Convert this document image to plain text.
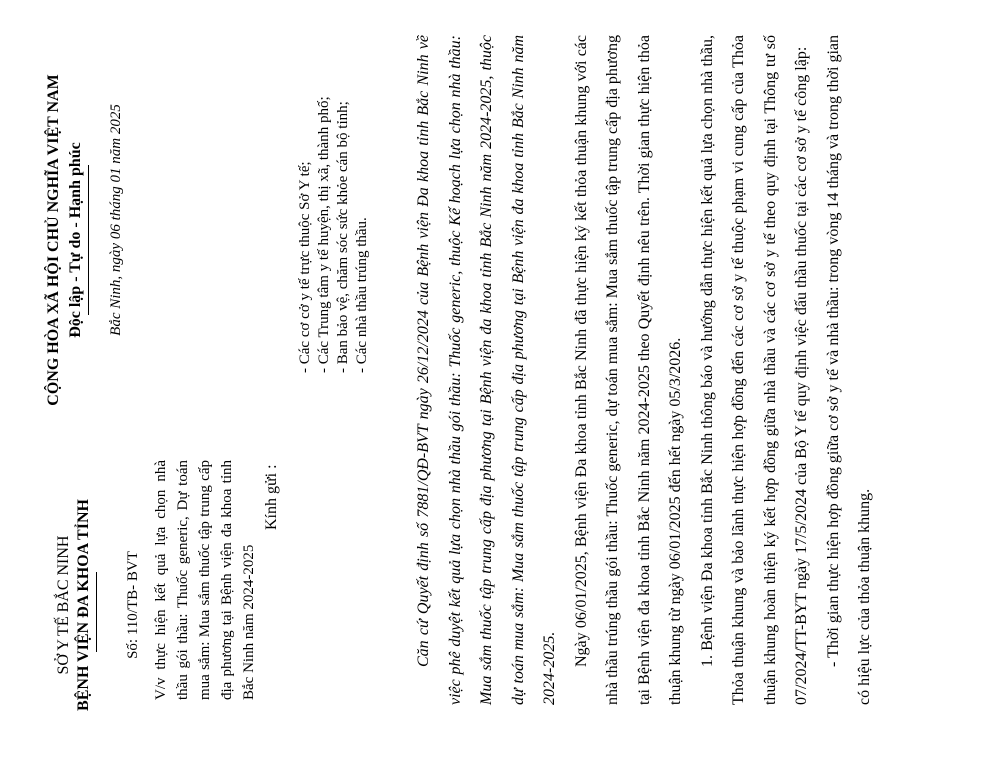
SỞ Y TẾ BẮC NINH BỆNH VIỆN ĐA KHOA TỈNH Số: 110/TB- BVT V/v thực hiện kết quả lựa chọn nhà thầu gói thầu: Thuốc generic, Dự toán mua sắm: Mua sắm thuốc tập trung cấp địa phương tại Bệnh viện đa khoa tỉnh Bắc Ninh năm 2024-2025
CỘNG HÒA XÃ HỘI CHỦ NGHĨA VIỆT NAM Độc lập - Tự do - Hạnh phúc Bắc Ninh, ngày 06 tháng 01 năm 2025
Kính gửi :
- Các cơ cở y tế trực thuộc Sở Y tế; - Các Trung tâm y tế huyện, thị xã, thành phố; - Ban bảo vệ, chăm sóc sức khỏe cán bộ tỉnh; - Các nhà thầu trúng thầu.	Căn cứ Quyết định số 7881/QĐ-BVT ngày 26/12/2024 của Bệnh viện Đa khoa tỉnh Bắc Ninh về việc phê duyệt kết quả lựa chọn nhà thầu gói thầu: Thuốc generic, thuộc Kế hoạch lựa chọn nhà thầu: Mua sắm thuốc tập trung cấp địa phương tại Bệnh viện đa khoa tỉnh Bắc Ninh năm 2024-2025, thuộc dự toán mua sắm: Mua sắm thuốc tập trung cấp địa phương tại Bệnh viện đa khoa tỉnh Bắc Ninh năm 2024-2025.

Ngày 06/01/2025, Bệnh viện Đa khoa tỉnh Bắc Ninh đã thực hiện ký kết thỏa thuận khung với các nhà thầu trúng thầu gói thầu: Thuốc generic, dự toán mua sắm: Mua sắm thuốc tập trung cấp địa phương tại Bệnh viện đa khoa tỉnh Bắc Ninh năm 2024-2025 theo Quyết định nêu trên. Thời gian thực hiện thỏa thuận khung từ ngày 06/01/2025 đến hết ngày 05/3/2026. 1. Bệnh viện Đa khoa tỉnh Bắc Ninh thông báo và hướng dẫn thực hiện kết quả lựa chọn nhà thầu, Thỏa thuận khung và bảo lãnh thực hiện hợp đồng đến các cơ sở y tế thuộc phạm vi cung cấp của Thỏa thuận khung hoàn thiện ký kết hợp đồng giữa nhà thầu và các cơ sở y tế theo quy định tại Thông tư số 07/2024/TT-BYT ngày 17/5/2024 của Bộ Y tế quy định việc đấu thầu thuốc tại các cơ sở y tế công lập: - Thời gian thực hiện hợp đồng giữa cơ sở y tế và nhà thầu: trong vòng 14 tháng và trong thời gian có hiệu lực của thỏa thuận khung.
